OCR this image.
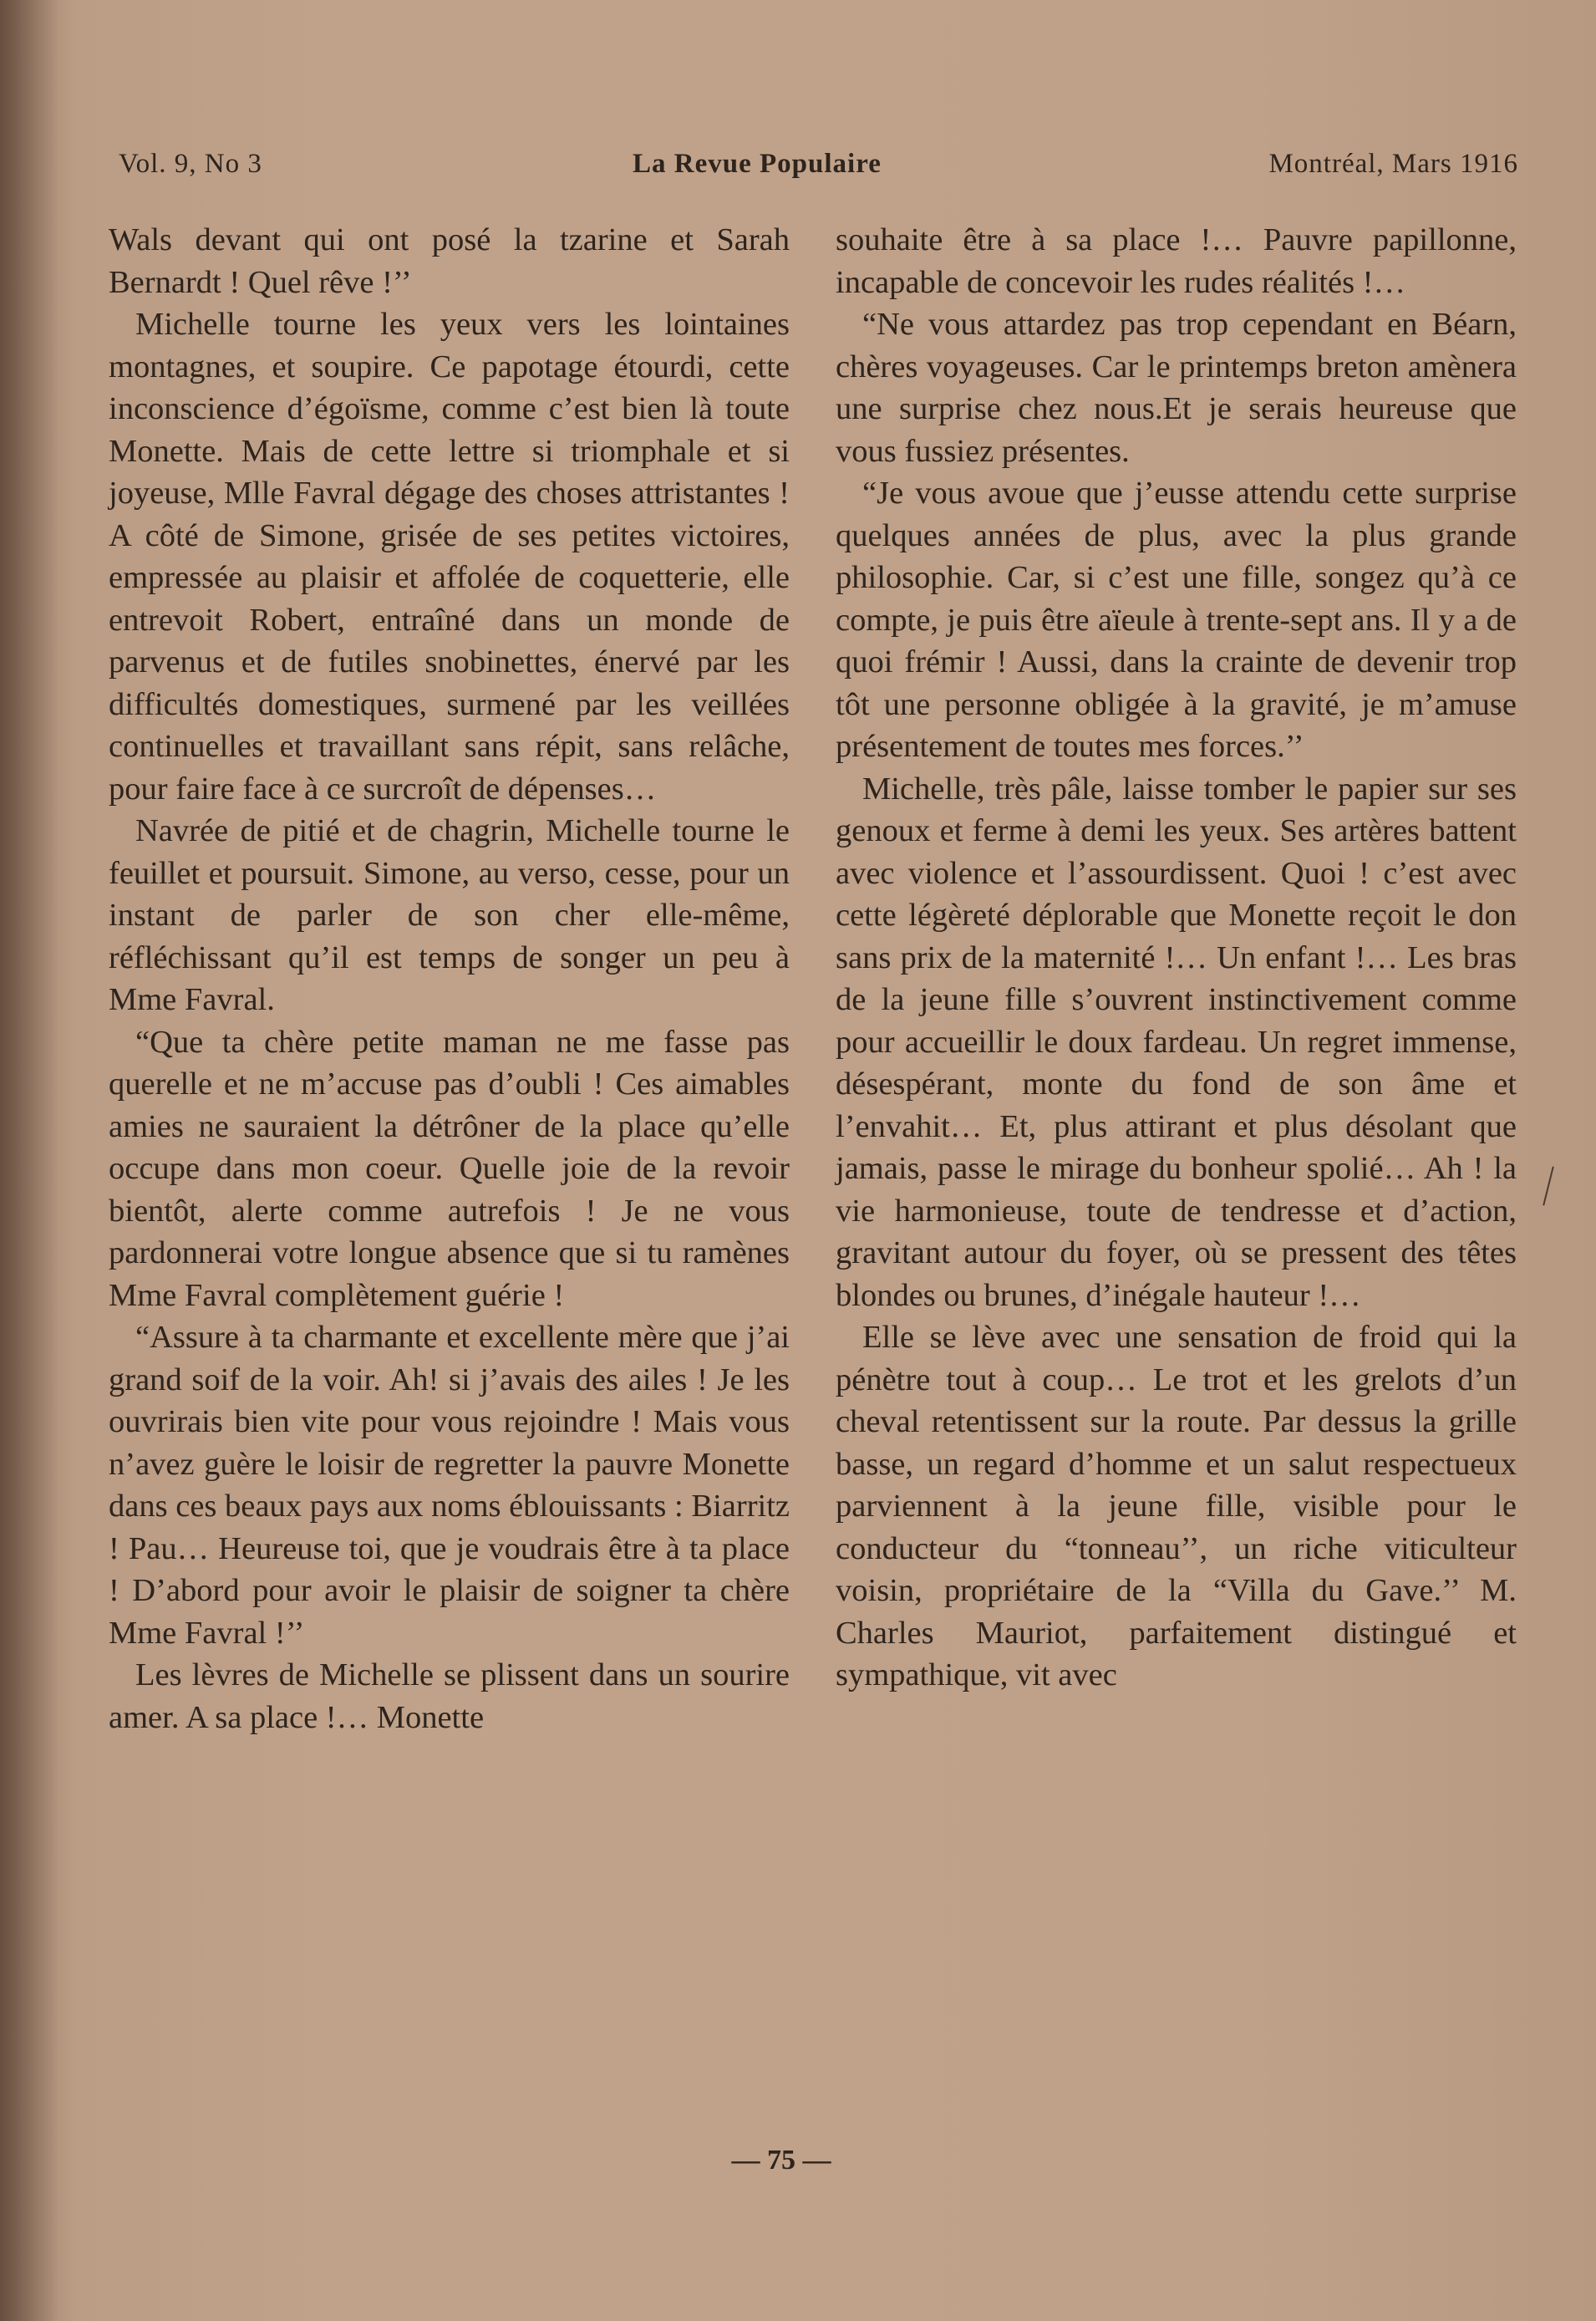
Vol. 9, No 3	La Revue Populaire	Montréal, Mars 1916

Wals devant qui ont posé la tzarine et Sarah Bernardt ! Quel rêve !’’

Michelle tourne les yeux vers les lointaines montagnes, et soupire. Ce papotage étourdi, cette inconscience d’égoïsme, comme c’est bien là toute Monette. Mais de cette lettre si triomphale et si joyeuse, Mlle Favral dégage des choses attristantes ! A côté de Simone, grisée de ses petites victoires, empressée au plaisir et affolée de coquetterie, elle entrevoit Robert, entraîné dans un monde de parvenus et de futiles snobinettes, énervé par les difficultés domestiques, surmené par les veillées continuelles et travaillant sans répit, sans relâche, pour faire face à ce surcroît de dépenses…

Navrée de pitié et de chagrin, Michelle tourne le feuillet et poursuit. Simone, au verso, cesse, pour un instant de parler de son cher elle-même, réfléchissant qu’il est temps de songer un peu à Mme Favral.

“Que ta chère petite maman ne me fasse pas querelle et ne m’accuse pas d’oubli ! Ces aimables amies ne sauraient la détrôner de la place qu’elle occupe dans mon coeur. Quelle joie de la revoir bientôt, alerte comme autrefois ! Je ne vous pardonnerai votre longue absence que si tu ramènes Mme Favral complètement guérie !

“Assure à ta charmante et excellente mère que j’ai grand soif de la voir. Ah! si j’avais des ailes ! Je les ouvrirais bien vite pour vous rejoindre ! Mais vous n’avez guère le loisir de regretter la pauvre Monette dans ces beaux pays aux noms éblouissants : Biarritz ! Pau… Heureuse toi, que je voudrais être à ta place ! D’abord pour avoir le plaisir de soigner ta chère Mme Favral !’’

Les lèvres de Michelle se plissent dans un sourire amer. A sa place !… Monette

souhaite être à sa place !… Pauvre papillonne, incapable de concevoir les rudes réalités !…

“Ne vous attardez pas trop cependant en Béarn, chères voyageuses. Car le printemps breton amènera une surprise chez nous.Et je serais heureuse que vous fussiez présentes.

“Je vous avoue que j’eusse attendu cette surprise quelques années de plus, avec la plus grande philosophie. Car, si c’est une fille, songez qu’à ce compte, je puis être aïeule à trente-sept ans. Il y a de quoi frémir ! Aussi, dans la crainte de devenir trop tôt une personne obligée à la gravité, je m’amuse présentement de toutes mes forces.’’

Michelle, très pâle, laisse tomber le papier sur ses genoux et ferme à demi les yeux. Ses artères battent avec violence et l’assourdissent. Quoi ! c’est avec cette légèreté déplorable que Monette reçoit le don sans prix de la maternité !… Un enfant !… Les bras de la jeune fille s’ouvrent instinctivement comme pour accueillir le doux fardeau. Un regret immense, désespérant, monte du fond de son âme et l’envahit… Et, plus attirant et plus désolant que jamais, passe le mirage du bonheur spolié… Ah ! la vie harmonieuse, toute de tendresse et d’action, gravitant autour du foyer, où se pressent des têtes blondes ou brunes, d’inégale hauteur !…

Elle se lève avec une sensation de froid qui la pénètre tout à coup… Le trot et les grelots d’un cheval retentissent sur la route. Par dessus la grille basse, un regard d’homme et un salut respectueux parviennent à la jeune fille, visible pour le conducteur du “tonneau’’, un riche viticulteur voisin, propriétaire de la “Villa du Gave.’’ M. Charles Mauriot, parfaitement distingué et sympathique, vit avec

— 75 —
